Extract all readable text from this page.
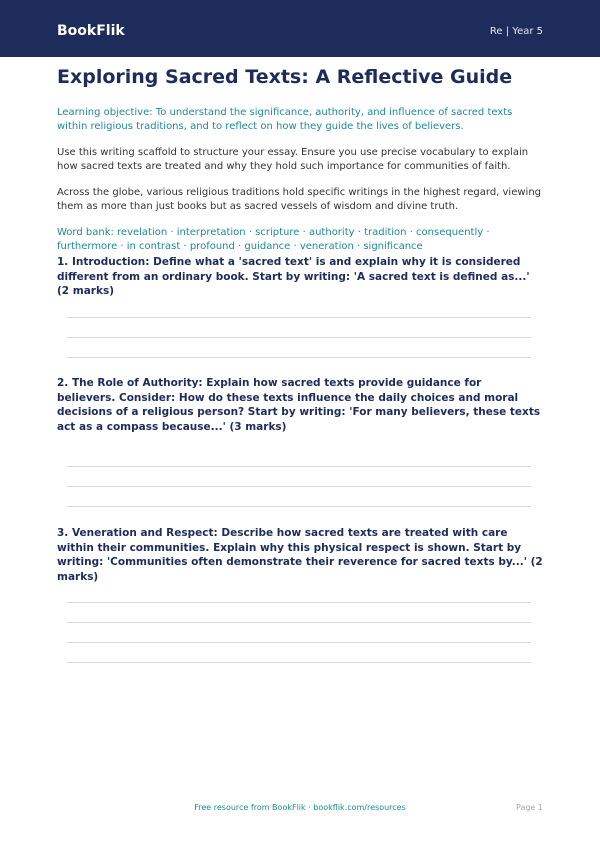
BookFlik	Re | Year 5
Exploring Sacred Texts: A Reflective Guide

Learning objective: To understand the significance, authority, and influence of sacred texts within religious traditions, and to reflect on how they guide the lives of believers.

Use this writing scaffold to structure your essay. Ensure you use precise vocabulary to explain how sacred texts are treated and why they hold such importance for communities of faith.

Across the globe, various religious traditions hold specific writings in the highest regard, viewing them as more than just books but as sacred vessels of wisdom and divine truth.

Word bank: revelation · interpretation · scripture · authority · tradition · consequently · furthermore · in contrast · profound · guidance · veneration · significance

1. Introduction: Define what a 'sacred text' is and explain why it is considered different from an ordinary book. Start by writing: 'A sacred text is defined as...' (2 marks)
2. The Role of Authority: Explain how sacred texts provide guidance for believers. Consider: How do these texts influence the daily choices and moral decisions of a religious person? Start by writing: 'For many believers, these texts act as a compass because...' (3 marks)
3. Veneration and Respect: Describe how sacred texts are treated with care within their communities. Explain why this physical respect is shown. Start by writing: 'Communities often demonstrate their reverence for sacred texts by...' (2 marks)
Free resource from BookFlik · bookflik.com/resources	Page 1
